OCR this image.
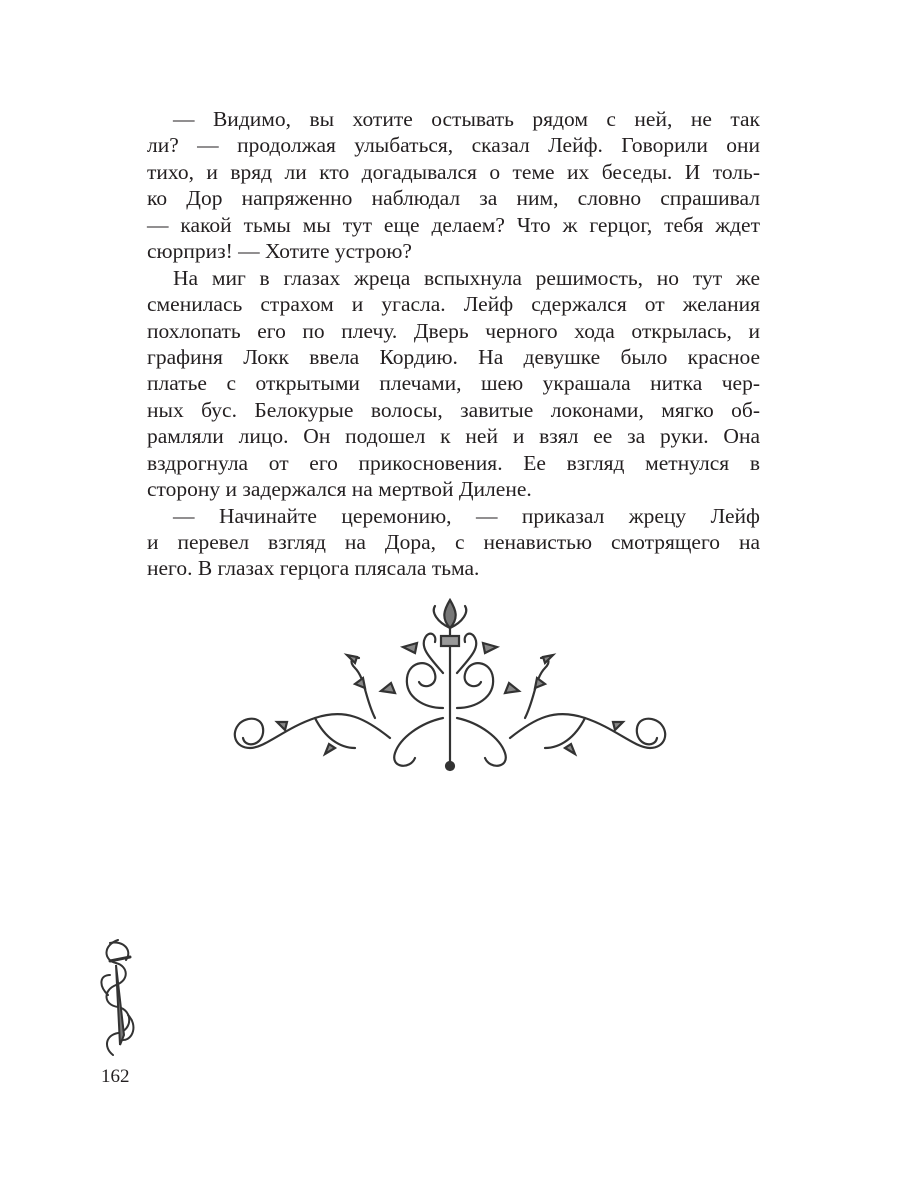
— Видимо, вы хотите остывать рядом с ней, не так
ли? — продолжая улыбаться, сказал Лейф. Говорили они
тихо, и вряд ли кто догадывался о теме их беседы. И толь-
ко Дор напряженно наблюдал за ним, словно спрашивал
— какой тьмы мы тут еще делаем? Что ж герцог, тебя ждет
сюрприз! — Хотите устрою?
На миг в глазах жреца вспыхнула решимость, но тут же
сменилась страхом и угасла. Лейф сдержался от желания
похлопать его по плечу. Дверь черного хода открылась, и
графиня Локк ввела Кордию. На девушке было красное
платье с открытыми плечами, шею украшала нитка чер-
ных бус. Белокурые волосы, завитые локонами, мягко об-
рамляли лицо. Он подошел к ней и взял ее за руки. Она
вздрогнула от его прикосновения. Ее взгляд метнулся в
сторону и задержался на мертвой Дилене.
— Начинайте церемонию, — приказал жрецу Лейф
и перевел взгляд на Дора, с ненавистью смотрящего на
него. В глазах герцога плясала тьма.
162
